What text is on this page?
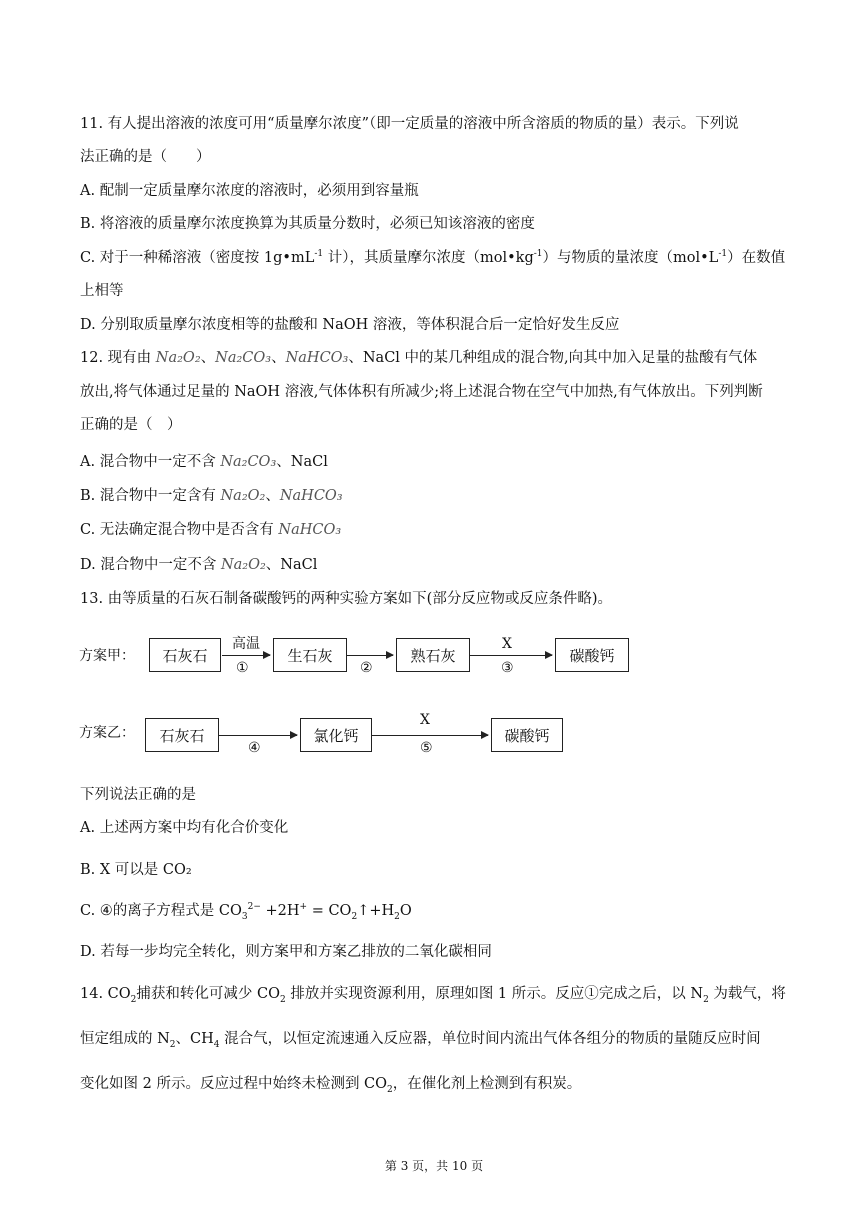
11. 有人提出溶液的浓度可用“质量摩尔浓度”（即一定质量的溶液中所含溶质的物质的量）表示。下列说
法正确的是（　　）
A. 配制一定质量摩尔浓度的溶液时，必须用到容量瓶
B. 将溶液的质量摩尔浓度换算为其质量分数时，必须已知该溶液的密度
C. 对于一种稀溶液（密度按 $1g•mL^{-1}$ 计），其质量摩尔浓度$(mol•kg^{-1})$与物质的量浓度$(mol•L^{-1})$在数值
上相等
D. 分别取质量摩尔浓度相等的盐酸和 NaOH 溶液，等体积混合后一定恰好发生反应
12. 现有由 Na₂O₂、Na₂CO₃、NaHCO₃、NaCl 中的某几种组成的混合物,向其中加入足量的盐酸有气体
放出,将气体通过足量的 NaOH 溶液,气体体积有所减少;将上述混合物在空气中加热,有气体放出。下列判断
正确的是（　）
A. 混合物中一定不含 Na₂CO₃、NaCl
B. 混合物中一定含有 Na₂O₂、NaHCO₃
C. 无法确定混合物中是否含有 NaHCO₃
D. 混合物中一定不含 Na₂O₂、NaCl
13. 由等质量的石灰石制备碳酸钙的两种实验方案如下(部分反应物或反应条件略)。
方案甲：	石灰石
高温
①
生石灰
②
熟石灰
X
③
碳酸钙
方案乙：	石灰石
④
氯化钙
X
⑤
碳酸钙
下列说法正确的是
A. 上述两方案中均有化合价变化
B. X 可以是 CO₂
C. ④的离子方程式是 $CO_3^{2-} +2H^+$ = $CO_2↑+H_2O$
D. 若每一步均完全转化，则方案甲和方案乙排放的二氧化碳相同
14. $CO_2$捕获和转化可减少 $CO_2$ 排放并实现资源利用，原理如图 1 所示。反应①完成之后，以 $N_2$ 为载气，将
恒定组成的 $N_2$、$CH_4$ 混合气，以恒定流速通入反应器，单位时间内流出气体各组分的物质的量随反应时间
变化如图 2 所示。反应过程中始终未检测到 $CO_2$，在催化剂上检测到有积炭。
第 3 页，共 10 页
